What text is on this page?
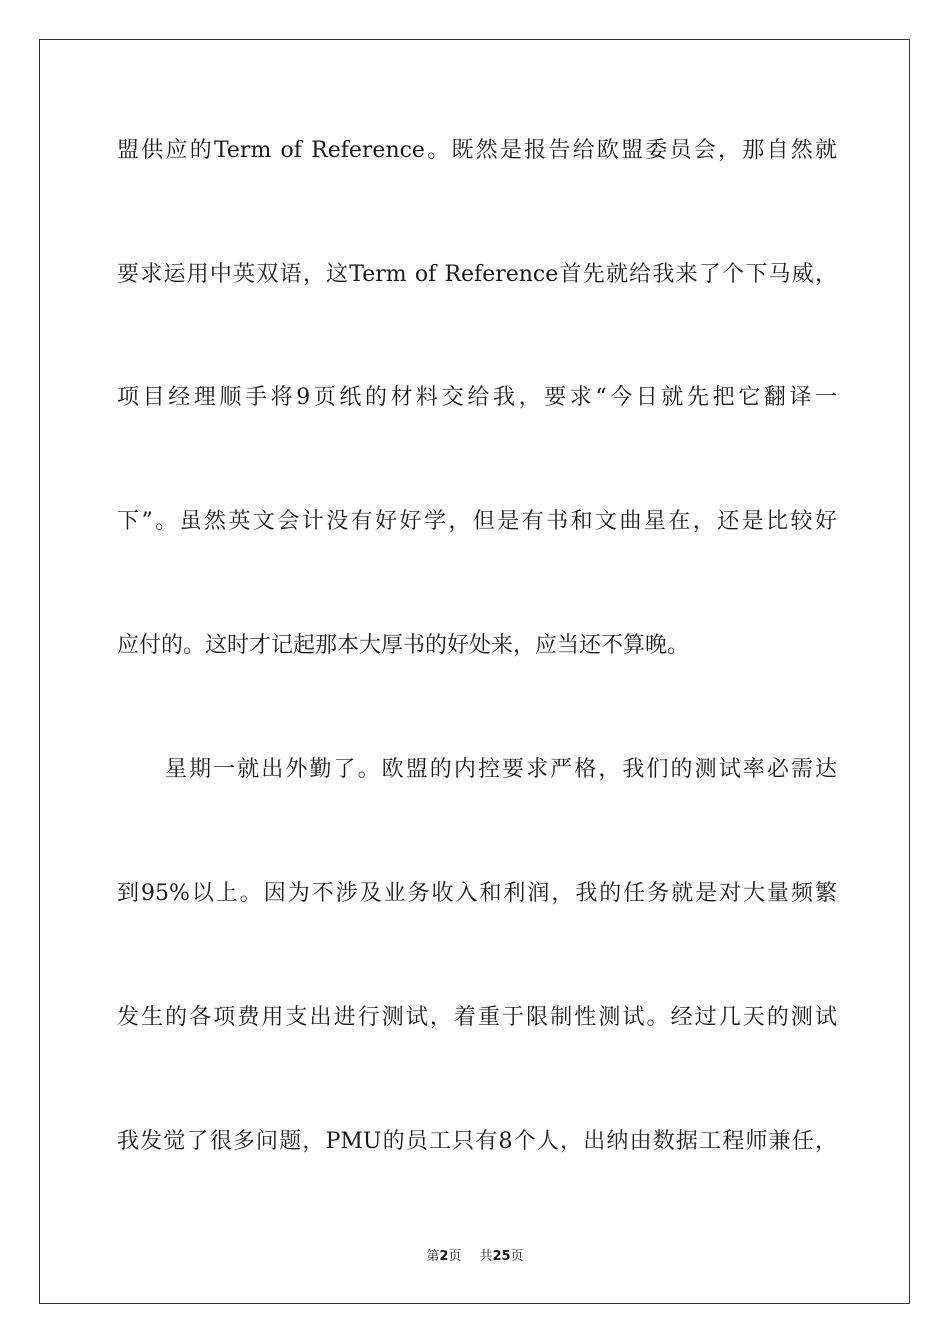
盟供应的Term of Reference。既然是报告给欧盟委员会，那自然就
要求运用中英双语，这Term of Reference首先就给我来了个下马威，
项目经理顺手将9页纸的材料交给我，要求“今日就先把它翻译一
下”。虽然英文会计没有好好学，但是有书和文曲星在，还是比较好
应付的。这时才记起那本大厚书的好处来，应当还不算晚。
星期一就出外勤了。欧盟的内控要求严格，我们的测试率必需达
到95%以上。因为不涉及业务收入和利润，我的任务就是对大量频繁
发生的各项费用支出进行测试，着重于限制性测试。经过几天的测试
我发觉了很多问题，PMU的员工只有8个人，出纳由数据工程师兼任，
第2页 共25页
